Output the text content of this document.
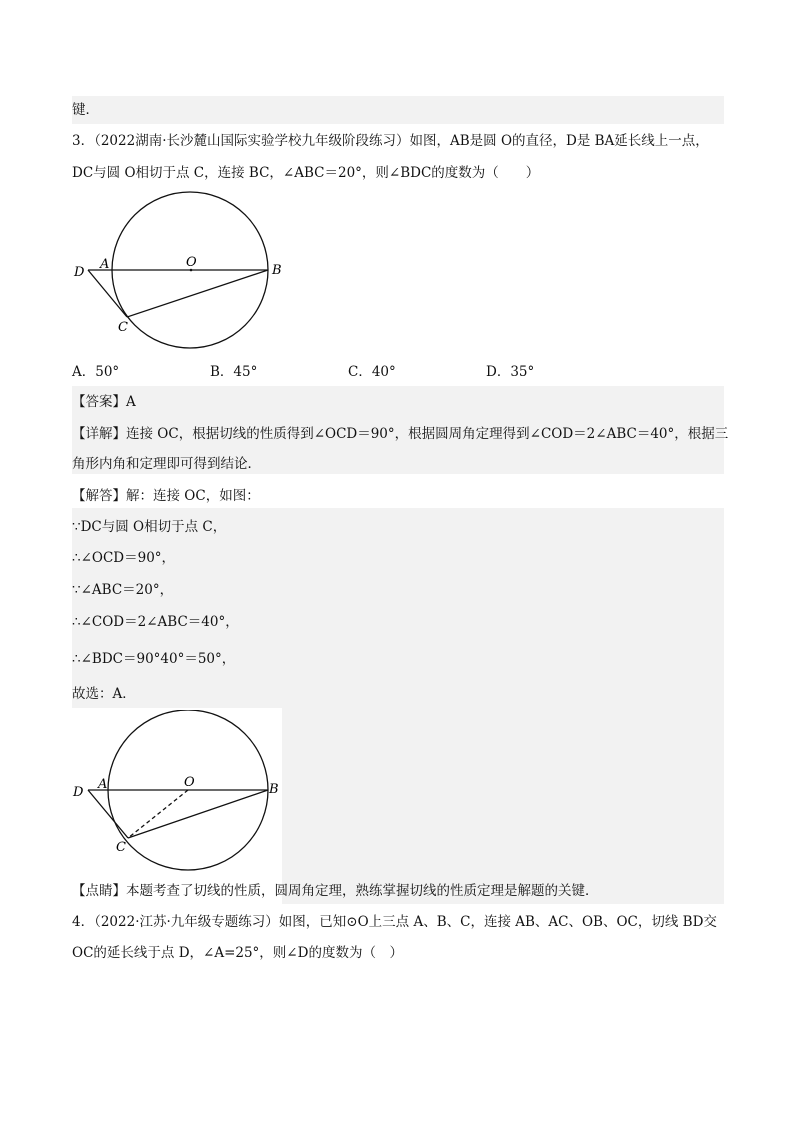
键．
3．（2022湖南·长沙麓山国际实验学校九年级阶段练习）如图，AB是圆 O的直径，D是 BA延长线上一点，
DC与圆 O相切于点 C，连接 BC，∠ABC＝20°，则∠BDC的度数为（　　）
D
A	O
B
C
A．50°	B．45°	C．40°	D．35°
【答案】A
【详解】连接 OC，根据切线的性质得到∠OCD＝90°，根据圆周角定理得到∠COD＝2∠ABC＝40°，根据三
角形内角和定理即可得到结论．
【解答】解：连接 OC，如图：
∵DC与圆 O相切于点 C，
∴∠OCD＝90°，
∵∠ABC＝20°，
∴∠COD＝2∠ABC＝40°，
∴∠BDC＝90°40°＝50°，
故选：A．
D
A	O	B
C
【点睛】本题考查了切线的性质，圆周角定理，熟练掌握切线的性质定理是解题的关键．
4．（2022·江苏·九年级专题练习）如图，已知⊙O上三点 A、B、C，连接 AB、AC、OB、OC，切线 BD交
OC的延长线于点 D，∠A=25°，则∠D的度数为（　）
